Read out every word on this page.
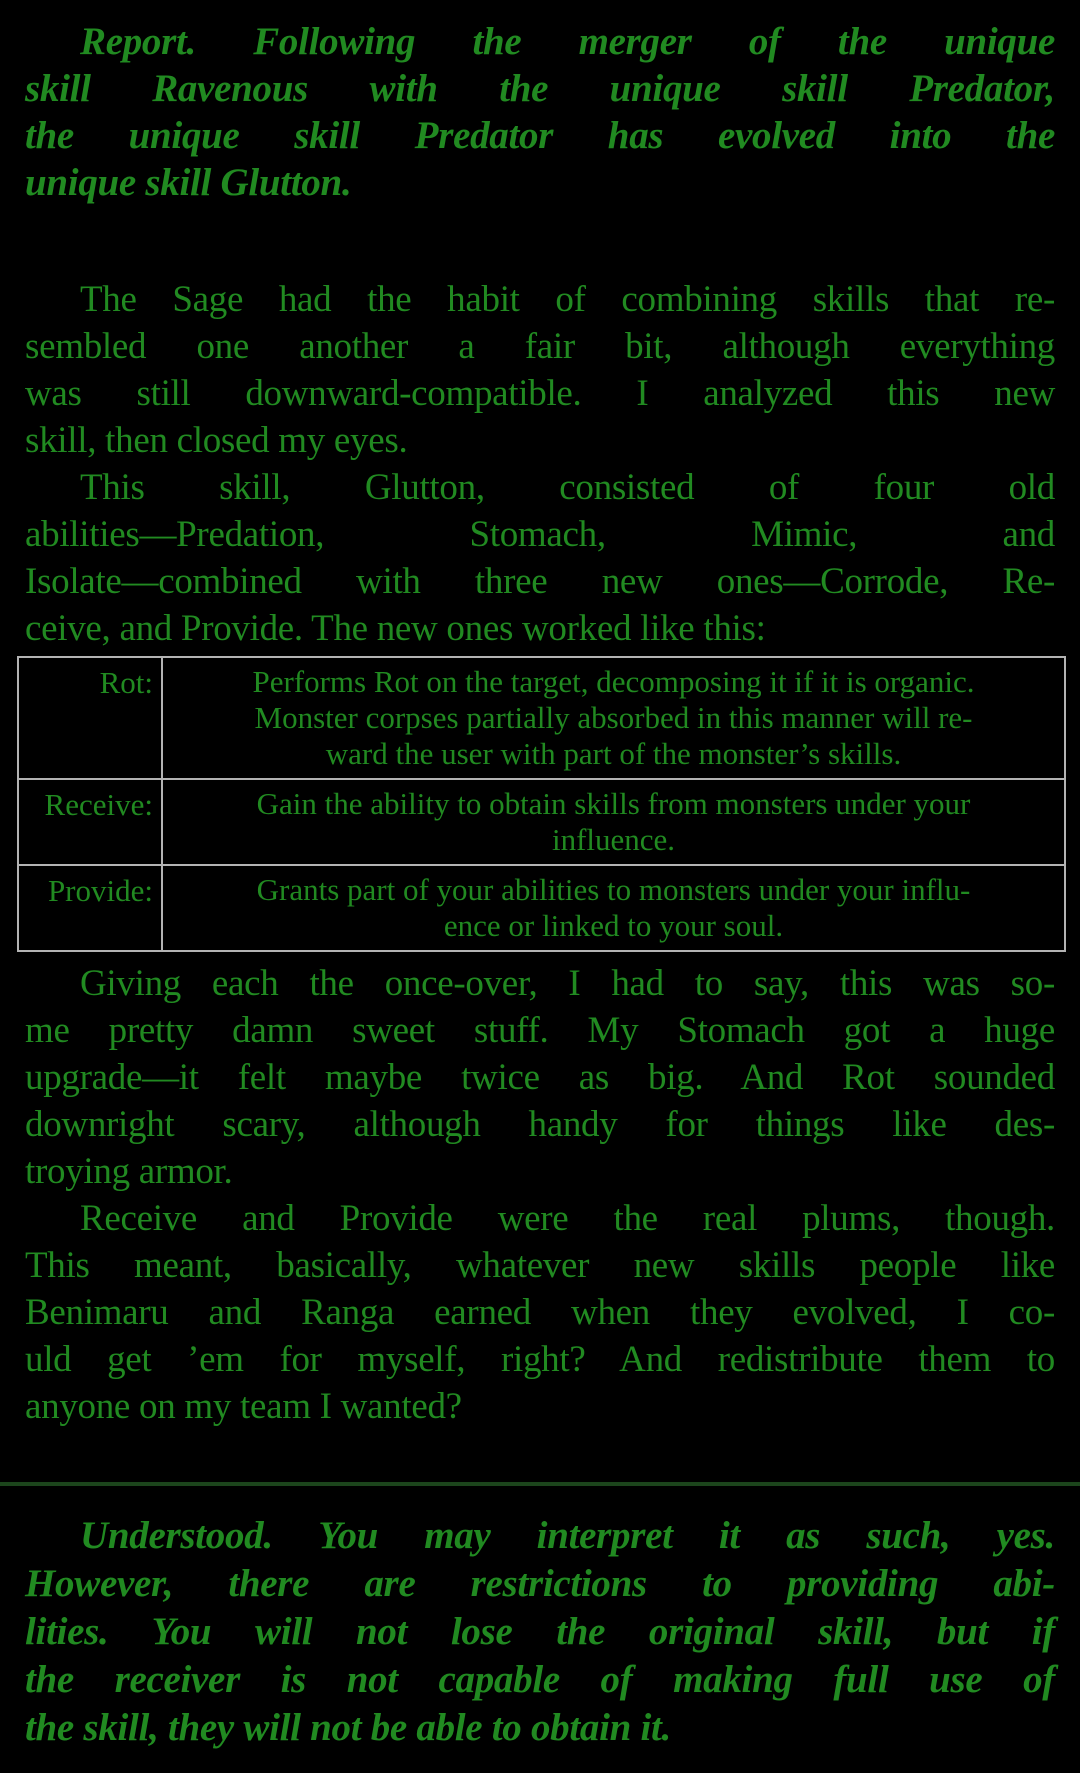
Report. Following the merger of the unique
skill Ravenous with the unique skill Predator,
the unique skill Predator has evolved into the
unique skill Glutton.
The Sage had the habit of combining skills that re-
sembled one another a fair bit, although everything
was still downward-compatible. I analyzed this new
skill, then closed my eyes.
This skill, Glutton, consisted of four old
abilities—Predation, Stomach, Mimic, and
Isolate—combined with three new ones—Corrode, Re-
ceive, and Provide. The new ones worked like this:
Rot:	Performs Rot on the target, decomposing it if it is organic.
Monster corpses partially absorbed in this manner will re-
ward the user with part of the monster’s skills.
Receive:	Gain the ability to obtain skills from monsters under your
influence.
Provide:	Grants part of your abilities to monsters under your influ-
ence or linked to your soul.
Giving each the once-over, I had to say, this was so-
me pretty damn sweet stuff. My Stomach got a huge
upgrade—it felt maybe twice as big. And Rot sounded
downright scary, although handy for things like des-
troying armor.
Receive and Provide were the real plums, though.
This meant, basically, whatever new skills people like
Benimaru and Ranga earned when they evolved, I co-
uld get ’em for myself, right? And redistribute them to
anyone on my team I wanted?
Understood. You may interpret it as such, yes.
However, there are restrictions to providing abi-
lities. You will not lose the original skill, but if
the receiver is not capable of making full use of
the skill, they will not be able to obtain it.
